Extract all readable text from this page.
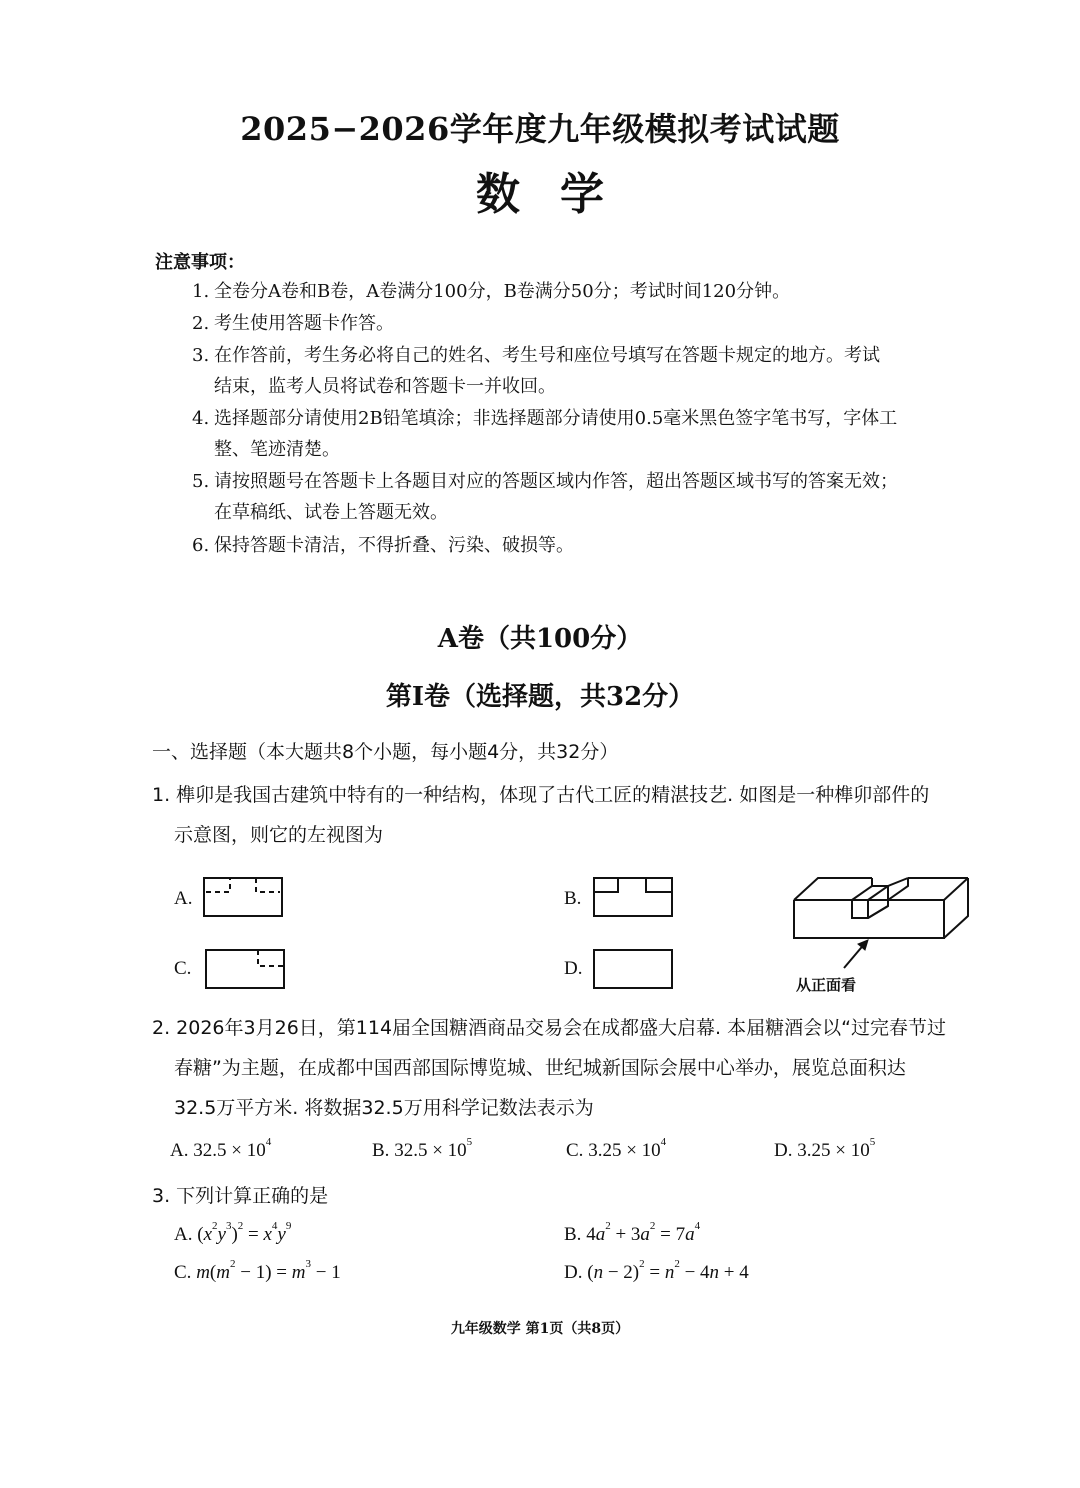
2025−2026学年度九年级模拟考试试题
数学
注意事项：
1. 全卷分A卷和B卷，A卷满分100分，B卷满分50分；考试时间120分钟。
2. 考生使用答题卡作答。
3. 在作答前，考生务必将自己的姓名、考生号和座位号填写在答题卡规定的地方。考试
结束，监考人员将试卷和答题卡一并收回。
4. 选择题部分请使用2B铅笔填涂；非选择题部分请使用0.5毫米黑色签字笔书写，字体工
整、笔迹清楚。
5. 请按照题号在答题卡上各题目对应的答题区域内作答，超出答题区域书写的答案无效；
在草稿纸、试卷上答题无效。
6. 保持答题卡清洁，不得折叠、污染、破损等。
A卷（共100分）
第Ⅰ卷（选择题，共32分）
一、选择题（本大题共8个小题，每小题4分，共32分）
1. 榫卯是我国古建筑中特有的一种结构，体现了古代工匠的精湛技艺. 如图是一种榫卯部件的
示意图，则它的左视图为
A.	B.
C.	D.
从正面看
2. 2026年3月26日，第114届全国糖酒商品交易会在成都盛大启幕. 本届糖酒会以“过完春节过
春糖”为主题，在成都中国西部国际博览城、世纪城新国际会展中心举办，展览总面积达
32.5万平方米. 将数据32.5万用科学记数法表示为
A. $32.5 \times 10^4$	B. $32.5 \times 10^5$	C. $3.25 \times 10^4$	D. $3.25 \times 10^5$
3. 下列计算正确的是
A. $(x^2y^3)^2 = x^4y^9$	B. $4a^2 + 3a^2 = 7a^4$
C. $m(m^2 - 1) = m^3 - 1$	D. $(n - 2)^2 = n^2 - 4n + 4$
九年级数学 第1页（共8页）
